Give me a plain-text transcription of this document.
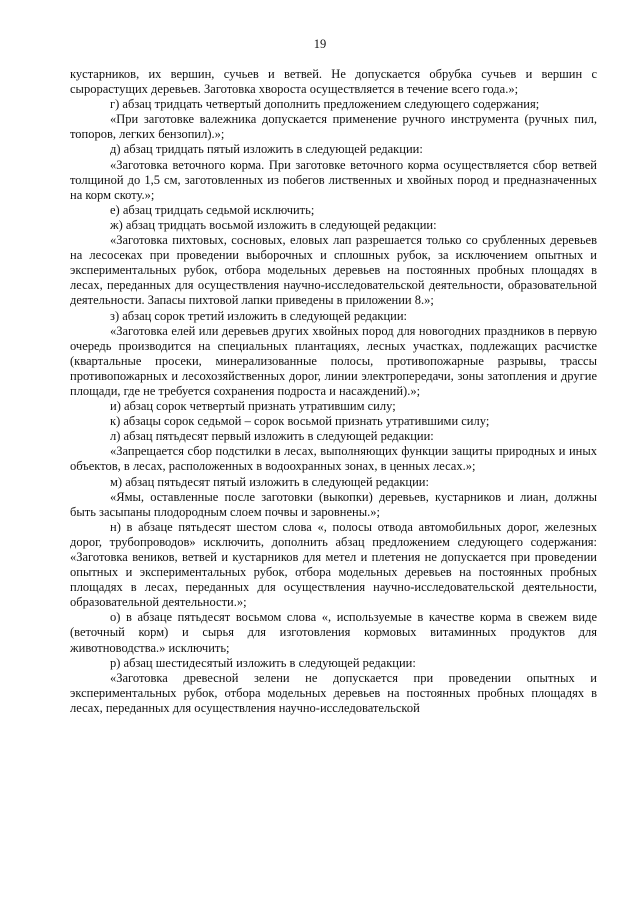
19

кустарников, их вершин, сучьев и ветвей. Не допускается обрубка сучьев и вершин с сырорастущих деревьев. Заготовка хвороста осуществляется в течение всего года.»;

г) абзац тридцать четвертый дополнить предложением следующего содержания;

«При заготовке валежника допускается применение ручного инструмента (ручных пил, топоров, легких бензопил).»;

д) абзац тридцать пятый изложить в следующей редакции:

«Заготовка веточного корма. При заготовке веточного корма осуществляется сбор ветвей толщиной до 1,5 см, заготовленных из побегов лиственных и хвойных пород и предназначенных на корм скоту.»;

е) абзац тридцать седьмой исключить;

ж) абзац тридцать восьмой изложить в следующей редакции:

«Заготовка пихтовых, сосновых, еловых лап разрешается только со срубленных деревьев на лесосеках при проведении выборочных и сплошных рубок, за исключением опытных и экспериментальных рубок, отбора модельных деревьев на постоянных пробных площадях в лесах, переданных для осуществления научно-исследовательской деятельности, образовательной деятельности. Запасы пихтовой лапки приведены в приложении 8.»;

з) абзац сорок третий изложить в следующей редакции:

«Заготовка елей или деревьев других хвойных пород для новогодних праздников в первую очередь производится на специальных плантациях, лесных участках, подлежащих расчистке (квартальные просеки, минерализованные полосы, противопожарные разрывы, трассы противопожарных и лесохозяйственных дорог, линии электропередачи, зоны затопления и другие площади, где не требуется сохранения подроста и насаждений).»;

и) абзац сорок четвертый признать утратившим силу;

к) абзацы сорок седьмой – сорок восьмой признать утратившими силу;

л) абзац пятьдесят первый изложить в следующей редакции:

«Запрещается сбор подстилки в лесах, выполняющих функции защиты природных и иных объектов, в лесах, расположенных в водоохранных зонах, в ценных лесах.»;

м) абзац пятьдесят пятый изложить в следующей редакции:

«Ямы, оставленные после заготовки (выкопки) деревьев, кустарников и лиан, должны быть засыпаны плодородным слоем почвы и заровнены.»;

н) в абзаце пятьдесят шестом слова «, полосы отвода автомобильных дорог, железных дорог, трубопроводов» исключить, дополнить абзац предложением следующего содержания: «Заготовка веников, ветвей и кустарников для метел и плетения не допускается при проведении опытных и экспериментальных рубок, отбора модельных деревьев на постоянных пробных площадях в лесах, переданных для осуществления научно-исследовательской деятельности, образовательной деятельности.»;

о) в абзаце пятьдесят восьмом слова «, используемые в качестве корма в свежем виде (веточный корм) и сырья для изготовления кормовых витаминных продуктов для животноводства.» исключить;

р) абзац шестидесятый изложить в следующей редакции:

«Заготовка древесной зелени не допускается при проведении опытных и экспериментальных рубок, отбора модельных деревьев на постоянных пробных площадях в лесах, переданных для осуществления научно-исследовательской
